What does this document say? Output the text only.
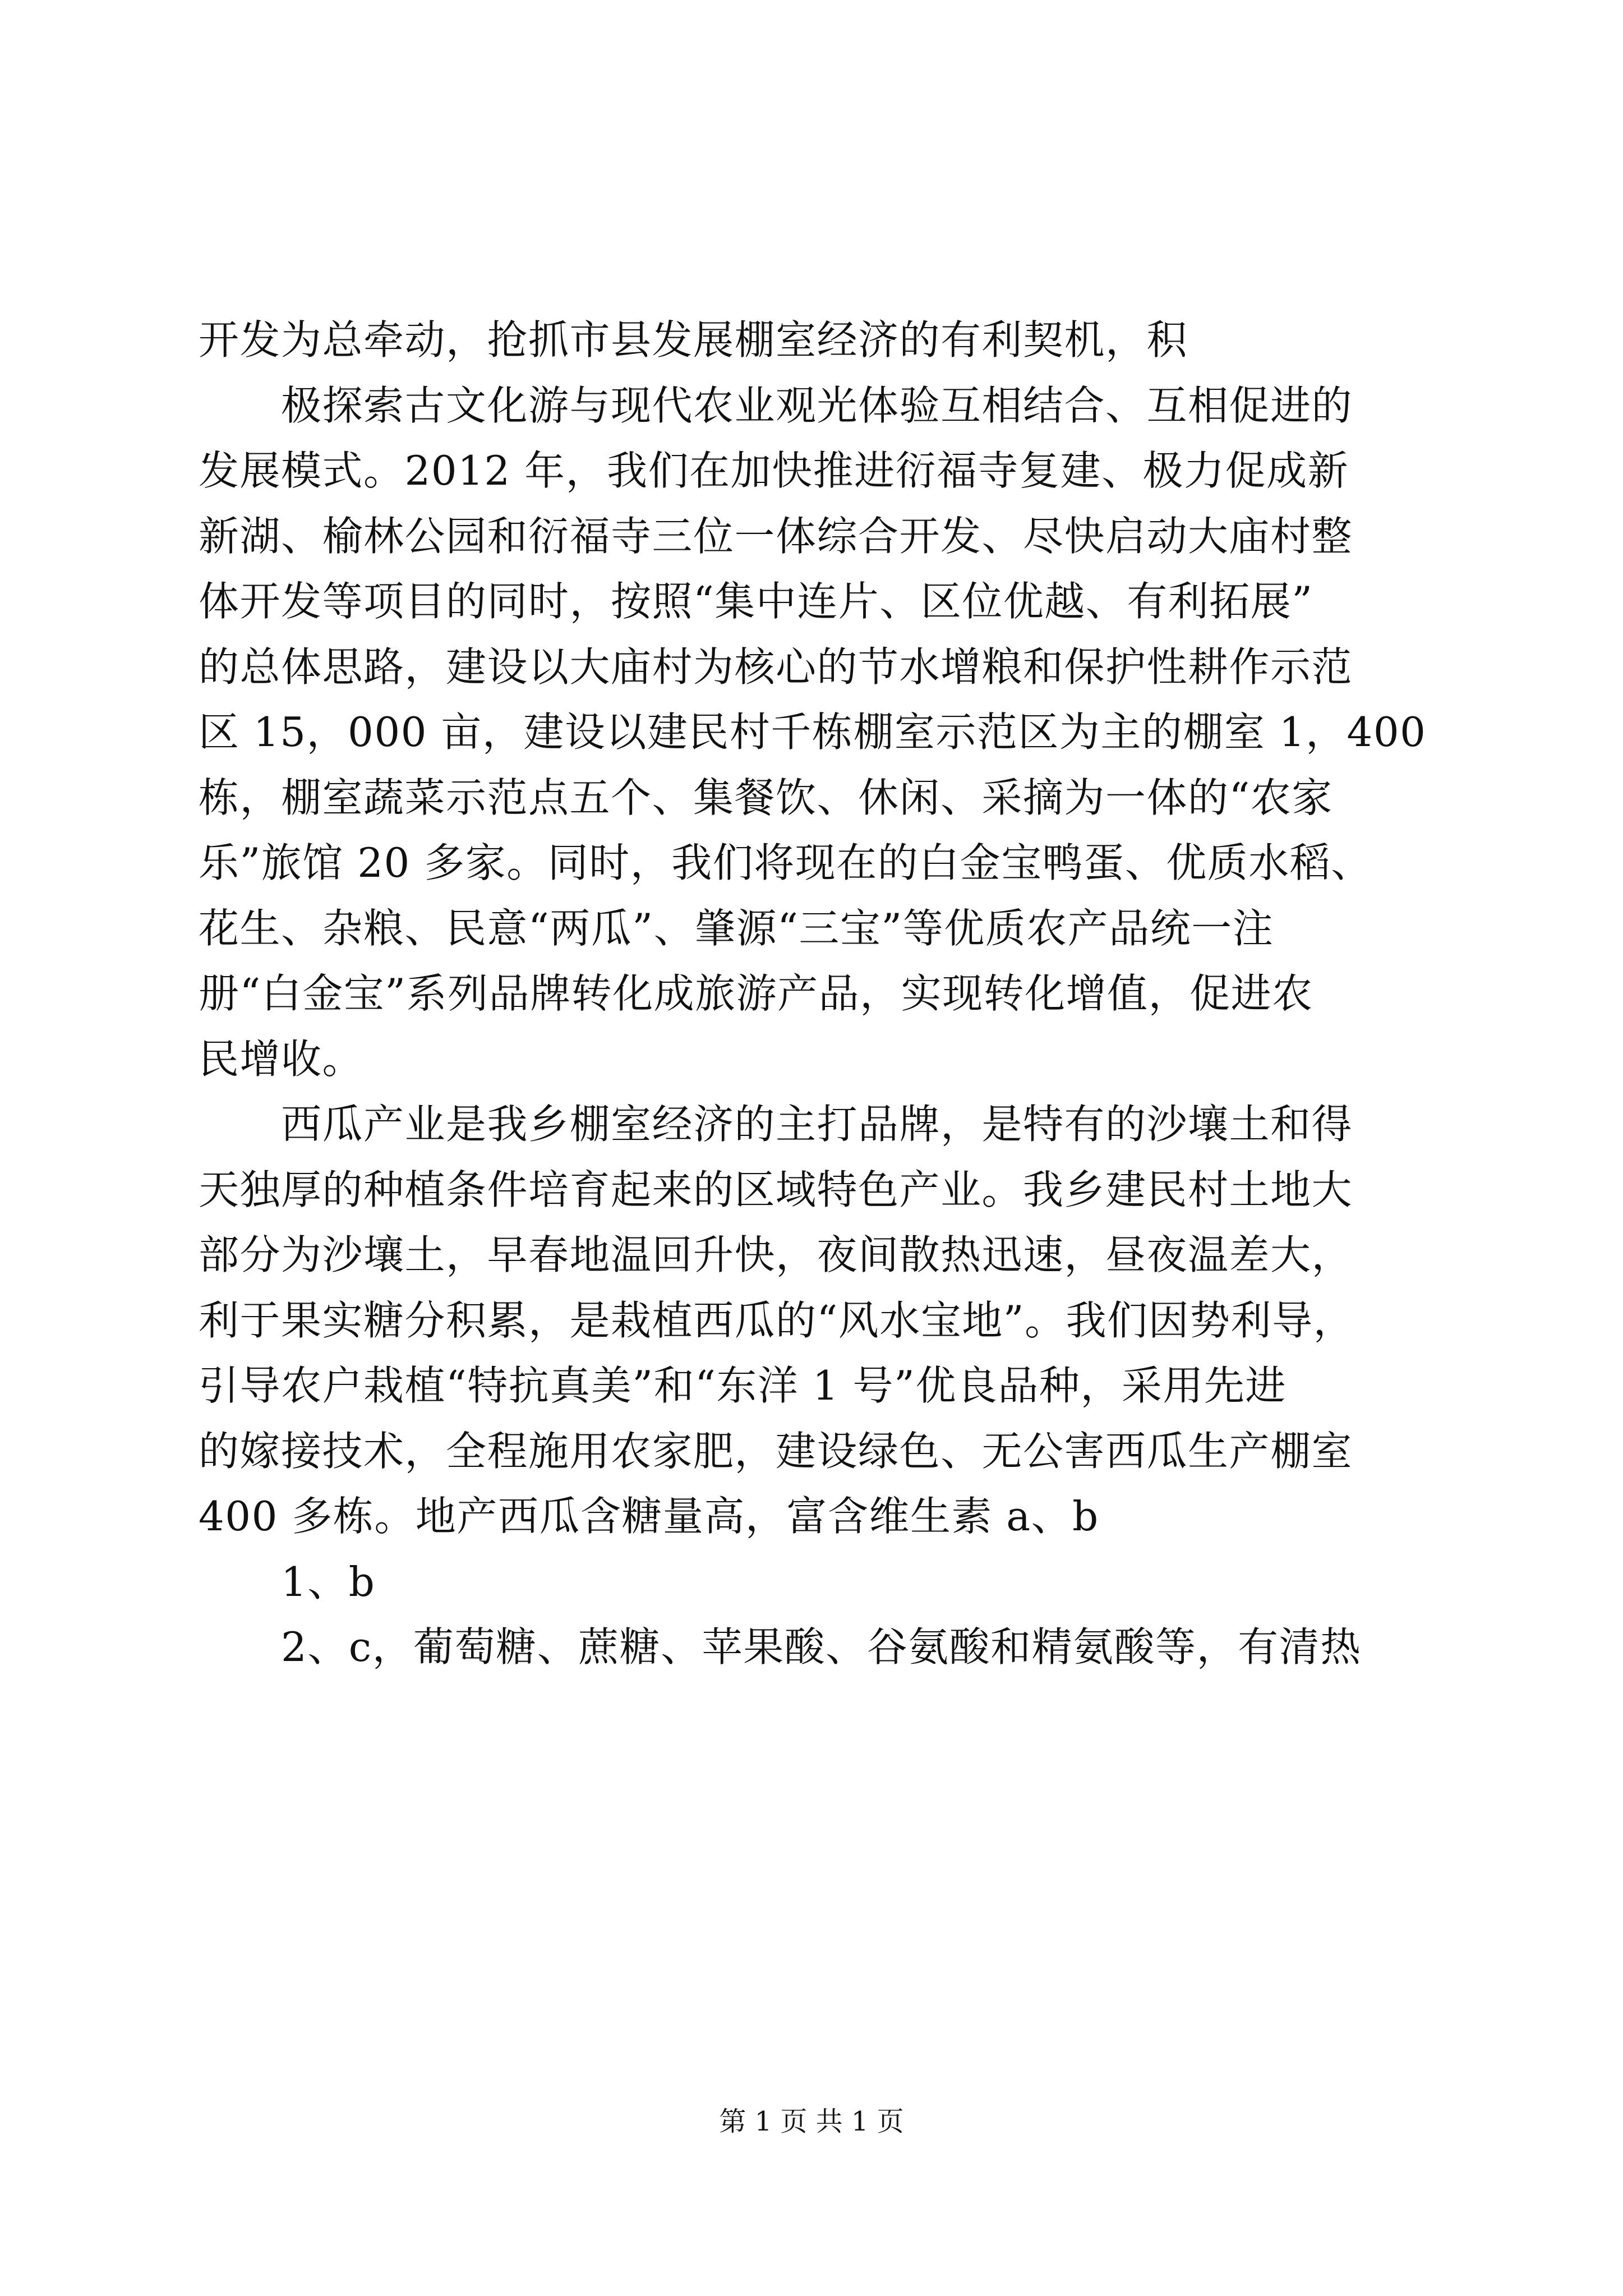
开发为总牵动，抢抓市县发展棚室经济的有利契机，积
　　极探索古文化游与现代农业观光体验互相结合、互相促进的
发展模式。2012 年，我们在加快推进衍福寺复建、极力促成新
新湖、榆林公园和衍福寺三位一体综合开发、尽快启动大庙村整
体开发等项目的同时，按照“集中连片、区位优越、有利拓展”
的总体思路，建设以大庙村为核心的节水增粮和保护性耕作示范
区 15，000 亩，建设以建民村千栋棚室示范区为主的棚室 1，400
栋，棚室蔬菜示范点五个、集餐饮、休闲、采摘为一体的“农家
乐”旅馆 20 多家。同时，我们将现在的白金宝鸭蛋、优质水稻、
花生、杂粮、民意“两瓜”、肇源“三宝”等优质农产品统一注
册“白金宝”系列品牌转化成旅游产品，实现转化增值，促进农
民增收。
　　西瓜产业是我乡棚室经济的主打品牌，是特有的沙壤土和得
天独厚的种植条件培育起来的区域特色产业。我乡建民村土地大
部分为沙壤土，早春地温回升快，夜间散热迅速，昼夜温差大，
利于果实糖分积累，是栽植西瓜的“风水宝地”。我们因势利导，
引导农户栽植“特抗真美”和“东洋 1 号”优良品种，采用先进
的嫁接技术，全程施用农家肥，建设绿色、无公害西瓜生产棚室
400 多栋。地产西瓜含糖量高，富含维生素 a、b
　　1、b
　　2、c，葡萄糖、蔗糖、苹果酸、谷氨酸和精氨酸等，有清热
第 1 页 共 1 页
